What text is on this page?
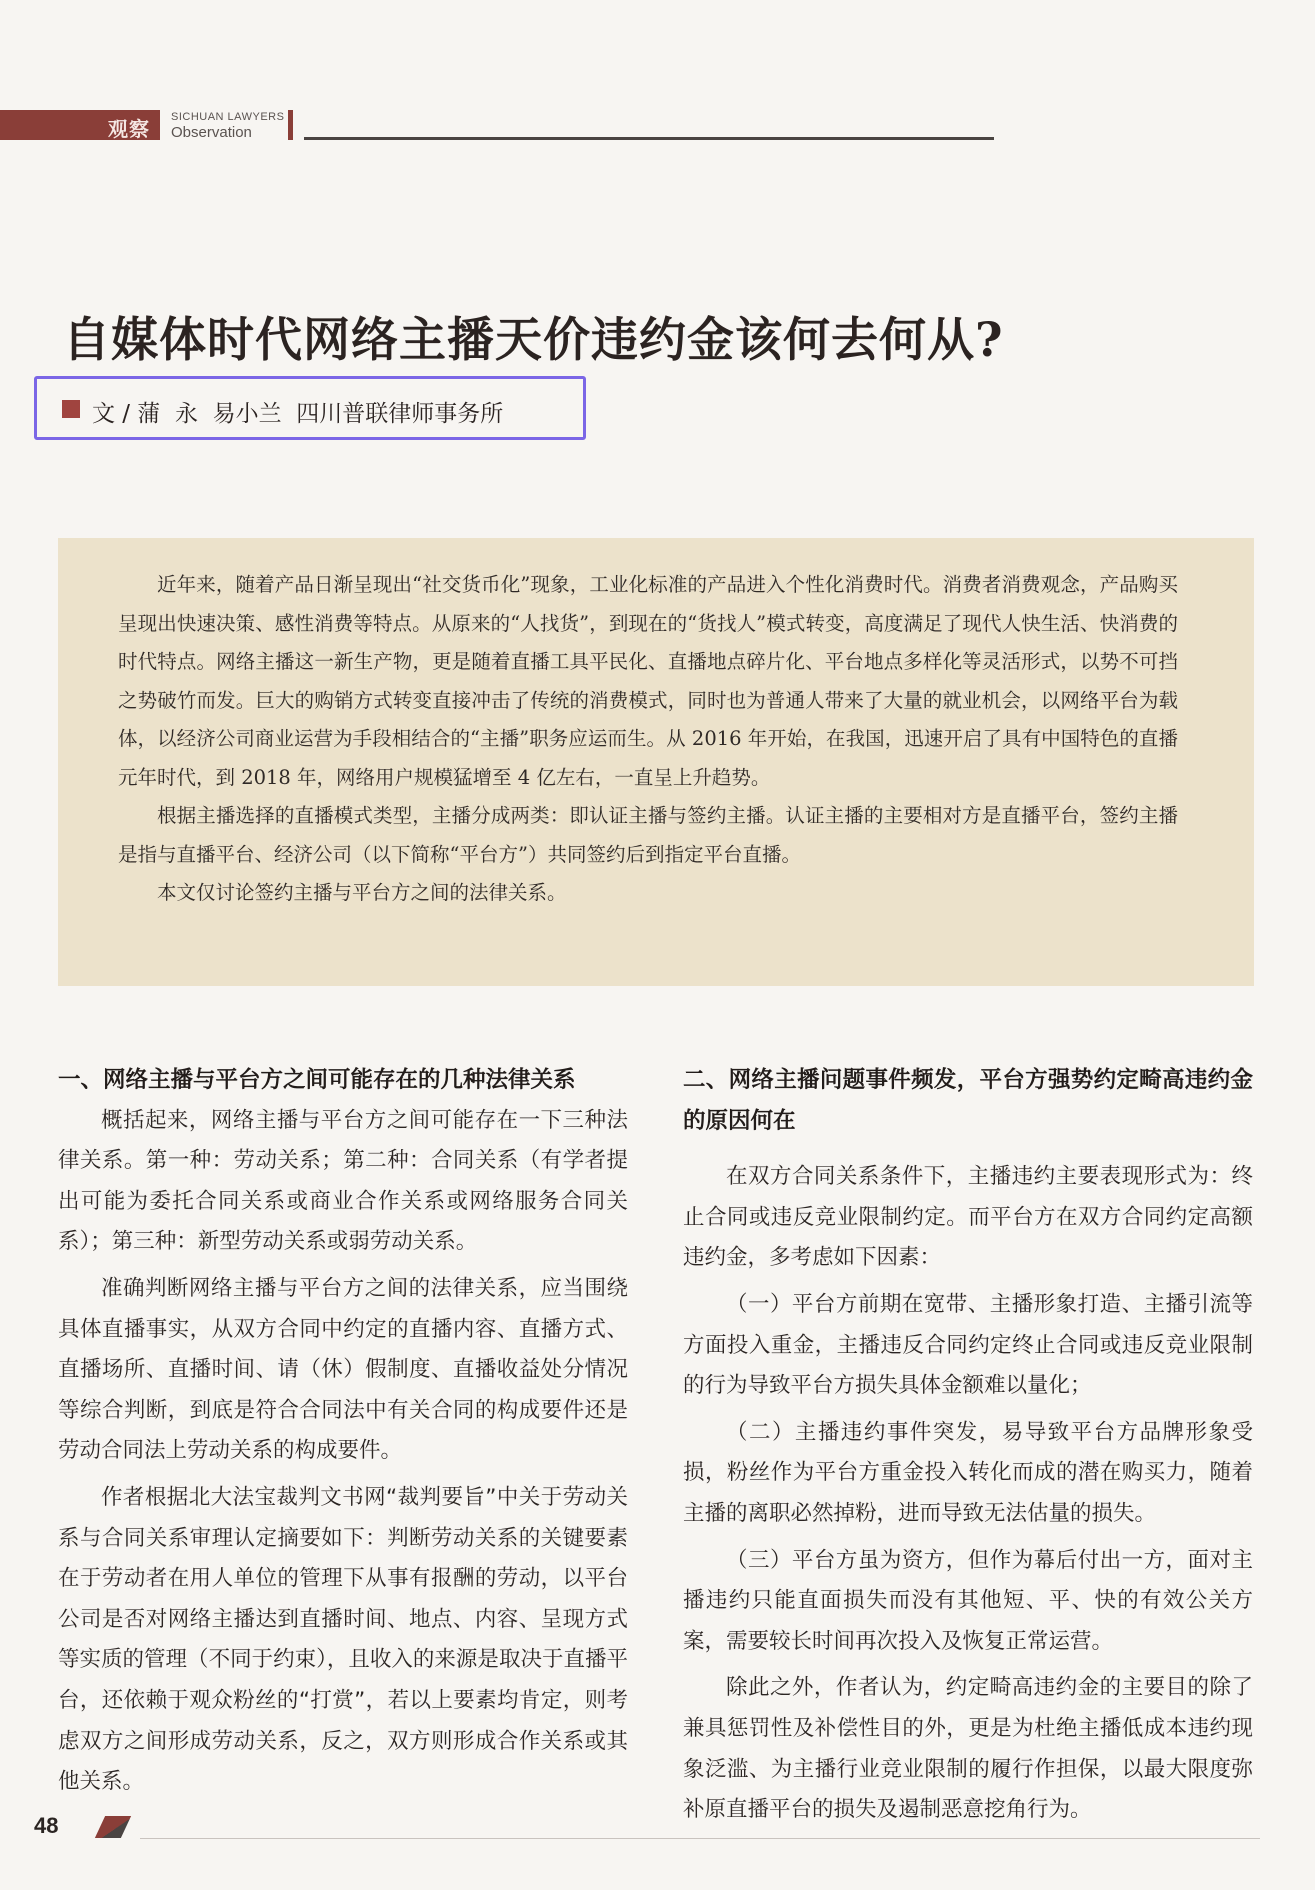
观察 SICHUAN LAWYERS
Observation
自媒体时代网络主播天价违约金该何去何从?
文 / 蒲  永  易小兰  四川普联律师事务所

近年来，随着产品日渐呈现出“社交货币化”现象，工业化标准的产品进入个性化消费时代。消费者消费观念，产品购买呈现出快速决策、感性消费等特点。从原来的“人找货”，到现在的“货找人”模式转变，高度满足了现代人快生活、快消费的时代特点。网络主播这一新生产物，更是随着直播工具平民化、直播地点碎片化、平台地点多样化等灵活形式，以势不可挡之势破竹而发。巨大的购销方式转变直接冲击了传统的消费模式，同时也为普通人带来了大量的就业机会，以网络平台为载体，以经济公司商业运营为手段相结合的“主播”职务应运而生。从 2016 年开始，在我国，迅速开启了具有中国特色的直播元年时代，到 2018 年，网络用户规模猛增至 4 亿左右，一直呈上升趋势。

根据主播选择的直播模式类型，主播分成两类：即认证主播与签约主播。认证主播的主要相对方是直播平台，签约主播是指与直播平台、经济公司（以下简称“平台方”）共同签约后到指定平台直播。

本文仅讨论签约主播与平台方之间的法律关系。

一、网络主播与平台方之间可能存在的几种法律关系

概括起来，网络主播与平台方之间可能存在一下三种法律关系。第一种：劳动关系；第二种：合同关系（有学者提出可能为委托合同关系或商业合作关系或网络服务合同关系）；第三种：新型劳动关系或弱劳动关系。

准确判断网络主播与平台方之间的法律关系，应当围绕具体直播事实，从双方合同中约定的直播内容、直播方式、直播场所、直播时间、请（休）假制度、直播收益处分情况等综合判断，到底是符合合同法中有关合同的构成要件还是劳动合同法上劳动关系的构成要件。

作者根据北大法宝裁判文书网“裁判要旨”中关于劳动关系与合同关系审理认定摘要如下：判断劳动关系的关键要素在于劳动者在用人单位的管理下从事有报酬的劳动，以平台公司是否对网络主播达到直播时间、地点、内容、呈现方式等实质的管理（不同于约束），且收入的来源是取决于直播平台，还依赖于观众粉丝的“打赏”，若以上要素均肯定，则考虑双方之间形成劳动关系，反之，双方则形成合作关系或其他关系。

二、网络主播问题事件频发，平台方强势约定畸高违约金的原因何在

在双方合同关系条件下，主播违约主要表现形式为：终止合同或违反竞业限制约定。而平台方在双方合同约定高额违约金，多考虑如下因素：

（一）平台方前期在宽带、主播形象打造、主播引流等方面投入重金，主播违反合同约定终止合同或违反竞业限制的行为导致平台方损失具体金额难以量化；

（二）主播违约事件突发，易导致平台方品牌形象受损，粉丝作为平台方重金投入转化而成的潜在购买力，随着主播的离职必然掉粉，进而导致无法估量的损失。

（三）平台方虽为资方，但作为幕后付出一方，面对主播违约只能直面损失而没有其他短、平、快的有效公关方案，需要较长时间再次投入及恢复正常运营。

除此之外，作者认为，约定畸高违约金的主要目的除了兼具惩罚性及补偿性目的外，更是为杜绝主播低成本违约现象泛滥、为主播行业竞业限制的履行作担保，以最大限度弥补原直播平台的损失及遏制恶意挖角行为。

48
